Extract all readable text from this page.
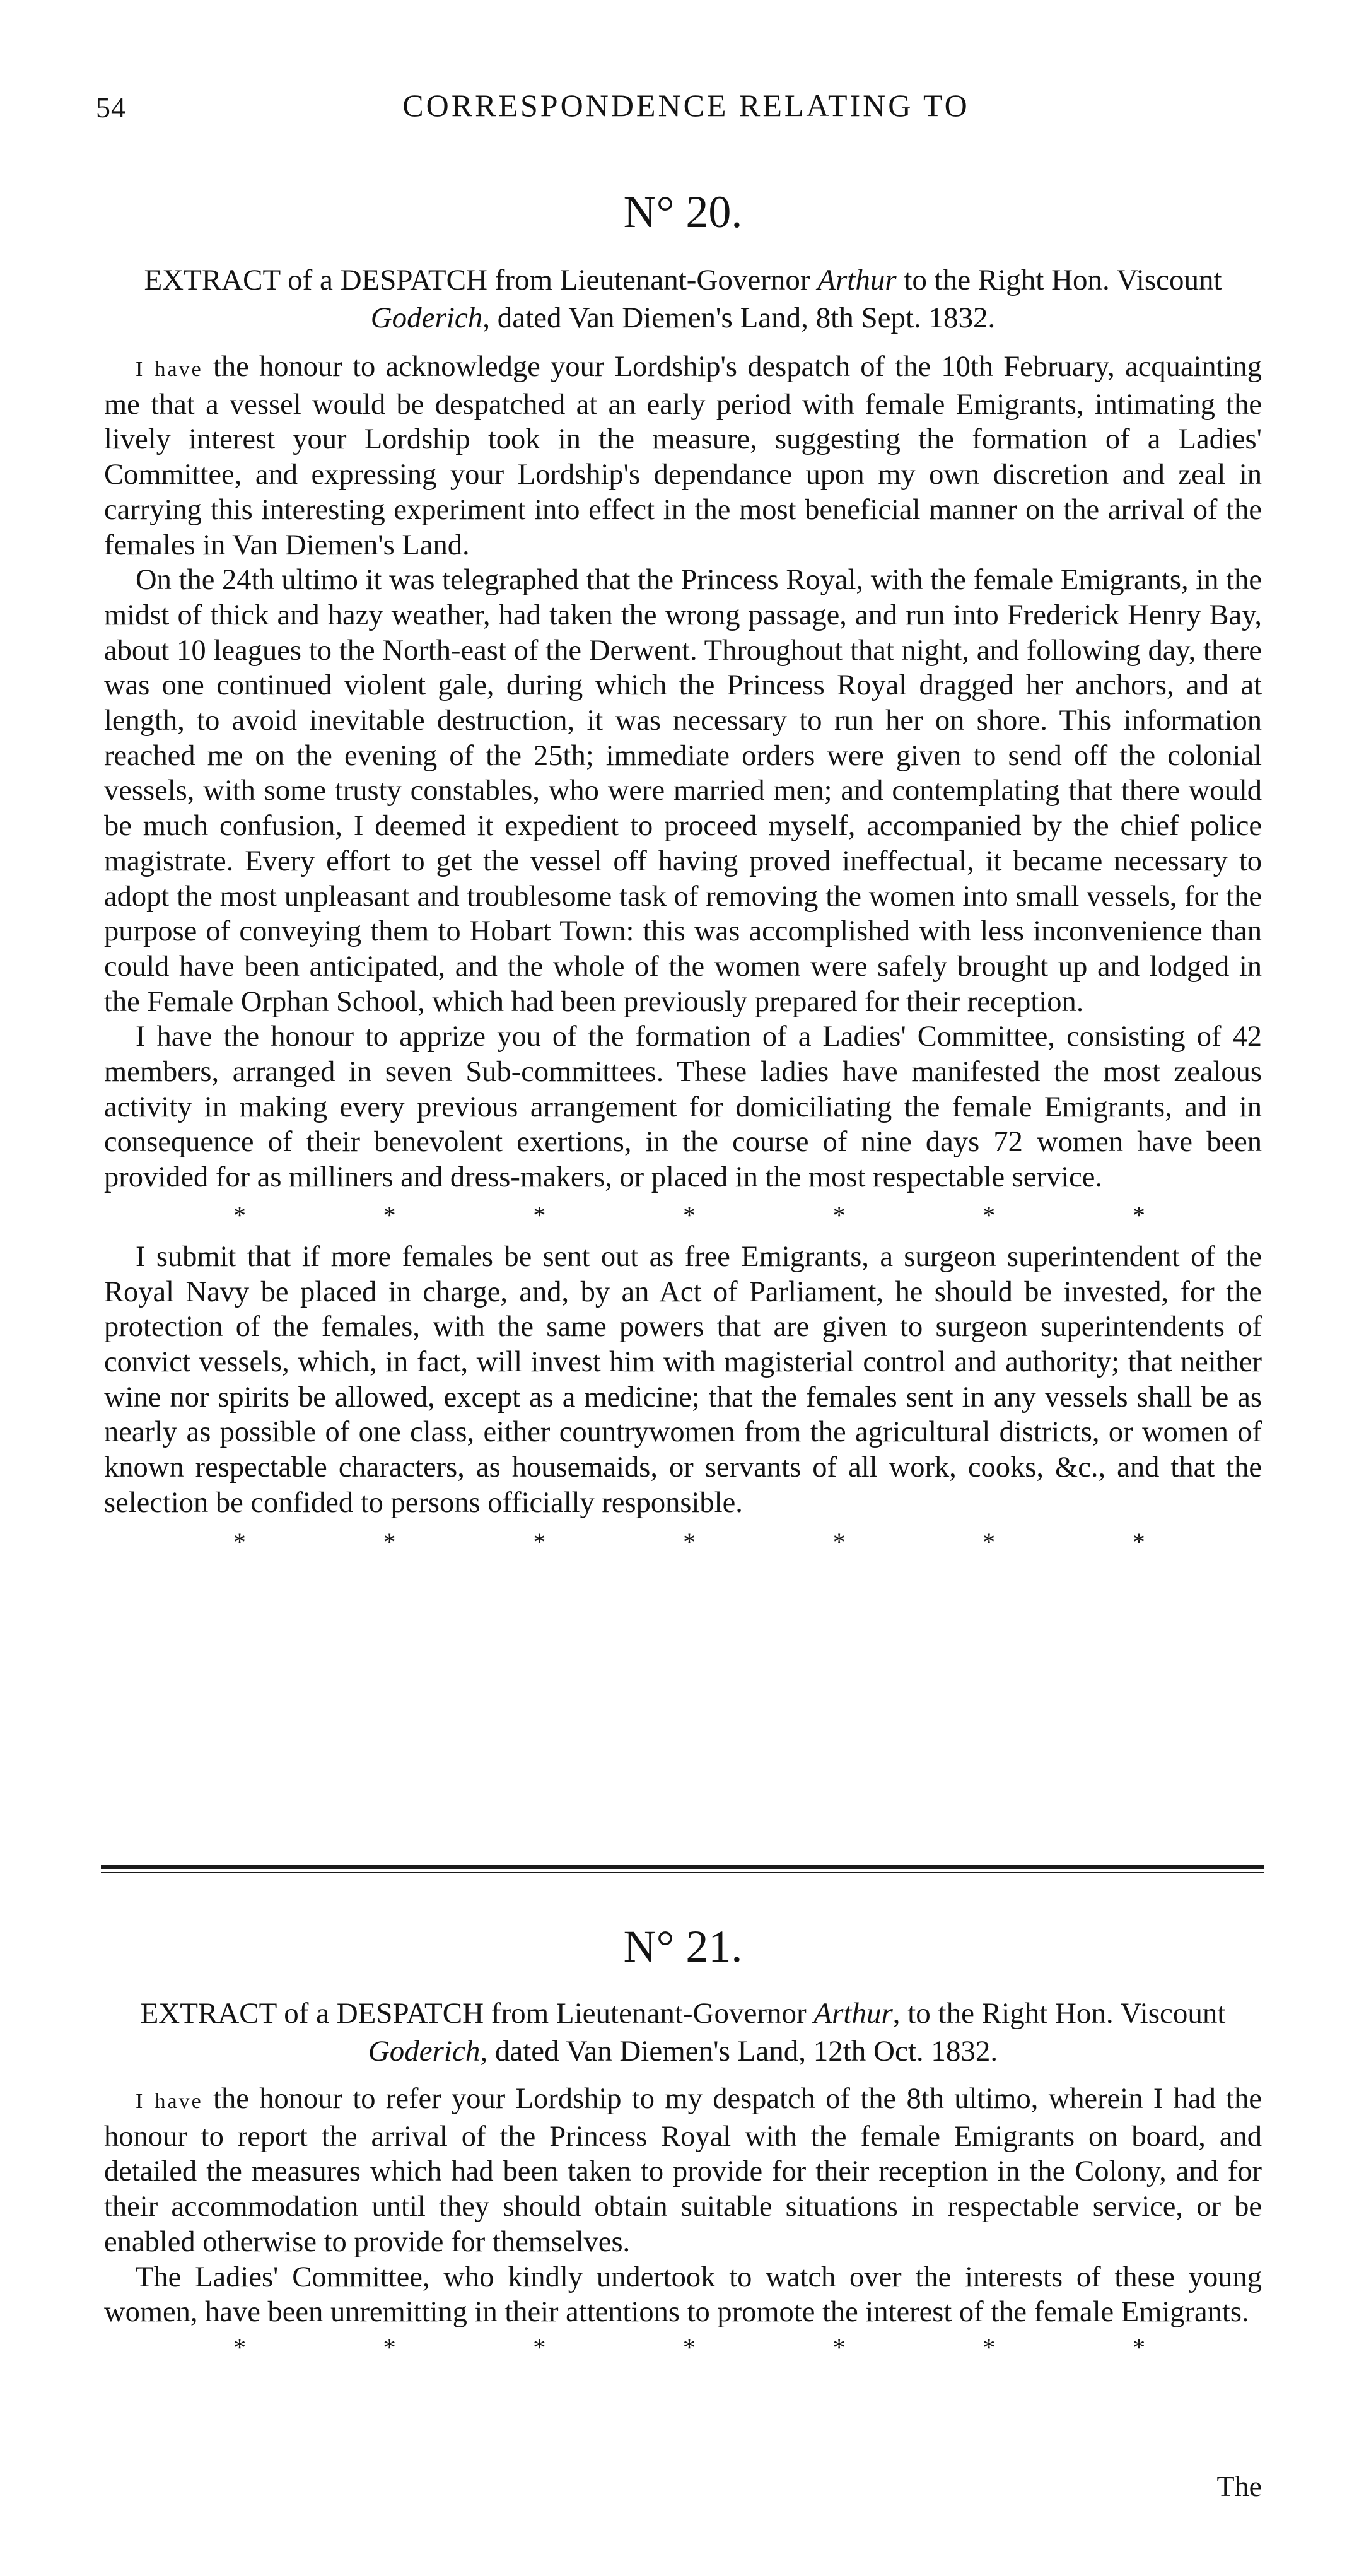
54	CORRESPONDENCE RELATING TO
N° 20.

EXTRACT of a DESPATCH from Lieutenant-Governor Arthur to the Right Hon. Viscount Goderich, dated Van Diemen's Land, 8th Sept. 1832.

I have the honour to acknowledge your Lordship's despatch of the 10th February, acquainting me that a vessel would be despatched at an early period with female Emigrants, intimating the lively interest your Lordship took in the measure, suggesting the formation of a Ladies' Committee, and expressing your Lordship's dependance upon my own discretion and zeal in carrying this interesting experiment into effect in the most beneficial manner on the arrival of the females in Van Diemen's Land.

On the 24th ultimo it was telegraphed that the Princess Royal, with the female Emigrants, in the midst of thick and hazy weather, had taken the wrong passage, and run into Frederick Henry Bay, about 10 leagues to the North-east of the Derwent. Throughout that night, and following day, there was one continued violent gale, during which the Princess Royal dragged her anchors, and at length, to avoid inevitable destruction, it was necessary to run her on shore. This information reached me on the evening of the 25th; immediate orders were given to send off the colonial vessels, with some trusty constables, who were married men; and contemplating that there would be much confusion, I deemed it expedient to proceed myself, accompanied by the chief police magistrate. Every effort to get the vessel off having proved ineffectual, it became necessary to adopt the most unpleasant and troublesome task of removing the women into small vessels, for the purpose of conveying them to Hobart Town: this was accomplished with less inconvenience than could have been anticipated, and the whole of the women were safely brought up and lodged in the Female Orphan School, which had been previously prepared for their reception.

I have the honour to apprize you of the formation of a Ladies' Committee, consisting of 42 members, arranged in seven Sub-committees. These ladies have manifested the most zealous activity in making every previous arrangement for domiciliating the female Emigrants, and in consequence of their benevolent exertions, in the course of nine days 72 women have been provided for as milliners and dress-makers, or placed in the most respectable service.

*	*	*	*	*	*	*

I submit that if more females be sent out as free Emigrants, a surgeon superintendent of the Royal Navy be placed in charge, and, by an Act of Parliament, he should be invested, for the protection of the females, with the same powers that are given to surgeon superintendents of convict vessels, which, in fact, will invest him with magisterial control and authority; that neither wine nor spirits be allowed, except as a medicine; that the females sent in any vessels shall be as nearly as possible of one class, either countrywomen from the agricultural districts, or women of known respectable characters, as housemaids, or servants of all work, cooks, &c., and that the selection be confided to persons officially responsible.

*	*	*	*	*	*	*
N° 21.

EXTRACT of a DESPATCH from Lieutenant-Governor Arthur, to the Right Hon. Viscount Goderich, dated Van Diemen's Land, 12th Oct. 1832.

I have the honour to refer your Lordship to my despatch of the 8th ultimo, wherein I had the honour to report the arrival of the Princess Royal with the female Emigrants on board, and detailed the measures which had been taken to provide for their reception in the Colony, and for their accommodation until they should obtain suitable situations in respectable service, or be enabled otherwise to provide for themselves.

The Ladies' Committee, who kindly undertook to watch over the interests of these young women, have been unremitting in their attentions to promote the interest of the female Emigrants.

*	*	*	*	*	*	*
The
